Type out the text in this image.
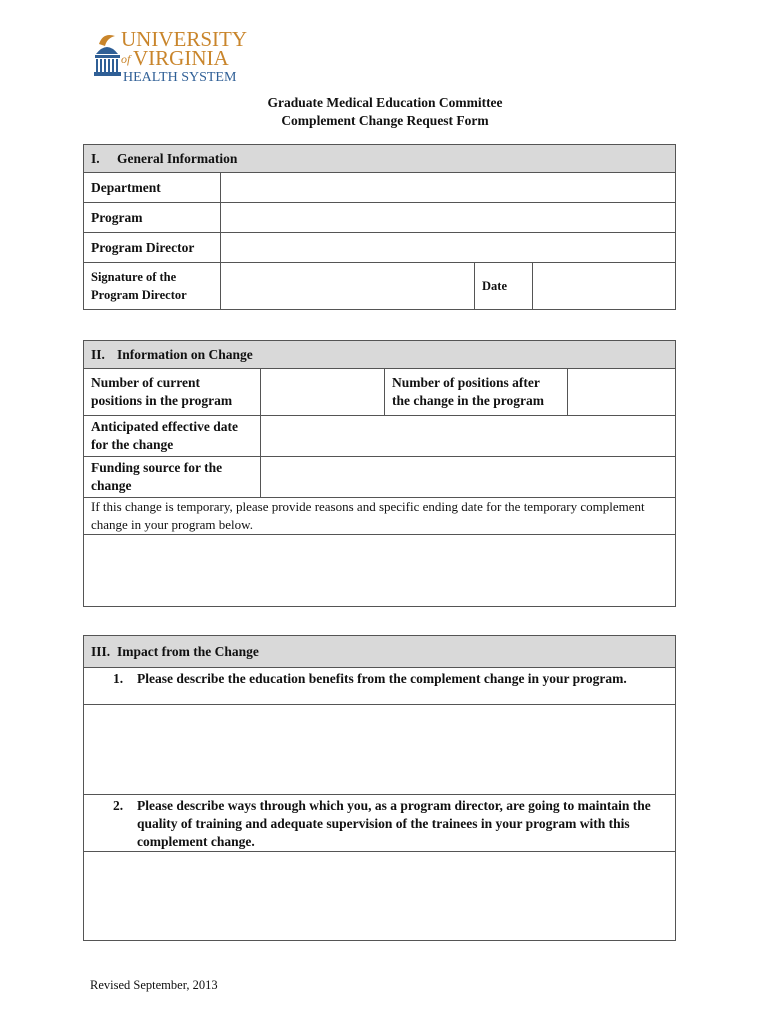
UNIVERSITY
of VIRGINIA
HEALTH SYSTEM
Graduate Medical Education Committee
Complement Change Request Form
I. General Information			
Department			
Program			
Program Director			
Signature of the Program Director		Date	
II. Information on Change			
Number of current positions in the program		Number of positions after the change in the program	
Anticipated effective date for the change			
Funding source for the change			
If this change is temporary, please provide reasons and specific ending date for the temporary complement change in your program below.			

III. Impact from the Change
1. Please describe the education benefits from the complement change in your program.

2. Please describe ways through which you, as a program director, are going to maintain the quality of training and adequate supervision of the trainees in your program with this complement change.

Revised September, 2013
